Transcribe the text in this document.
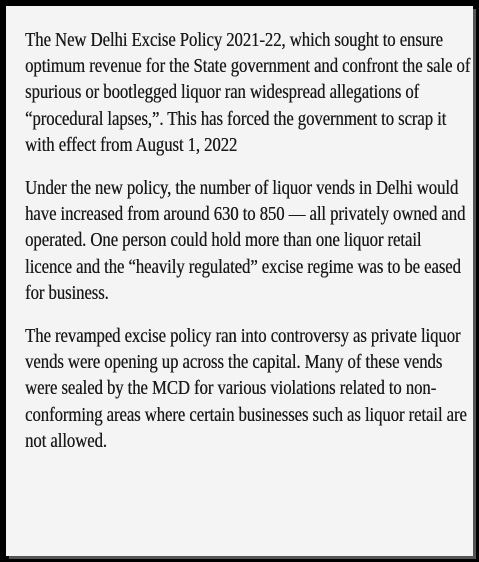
The New Delhi Excise Policy 2021-22, which sought to ensure optimum revenue for the State government and confront the sale of spurious or bootlegged liquor ran widespread allegations of “procedural lapses,”. This has forced the government to scrap it with effect from August 1, 2022

Under the new policy, the number of liquor vends in Delhi would have increased from around 630 to 850 — all privately owned and operated. One person could hold more than one liquor retail licence and the “heavily regulated” excise regime was to be eased for business.

The revamped excise policy ran into controversy as private liquor vends were opening up across the capital. Many of these vends were sealed by the MCD for various violations related to non-conforming areas where certain businesses such as liquor retail are not allowed.
